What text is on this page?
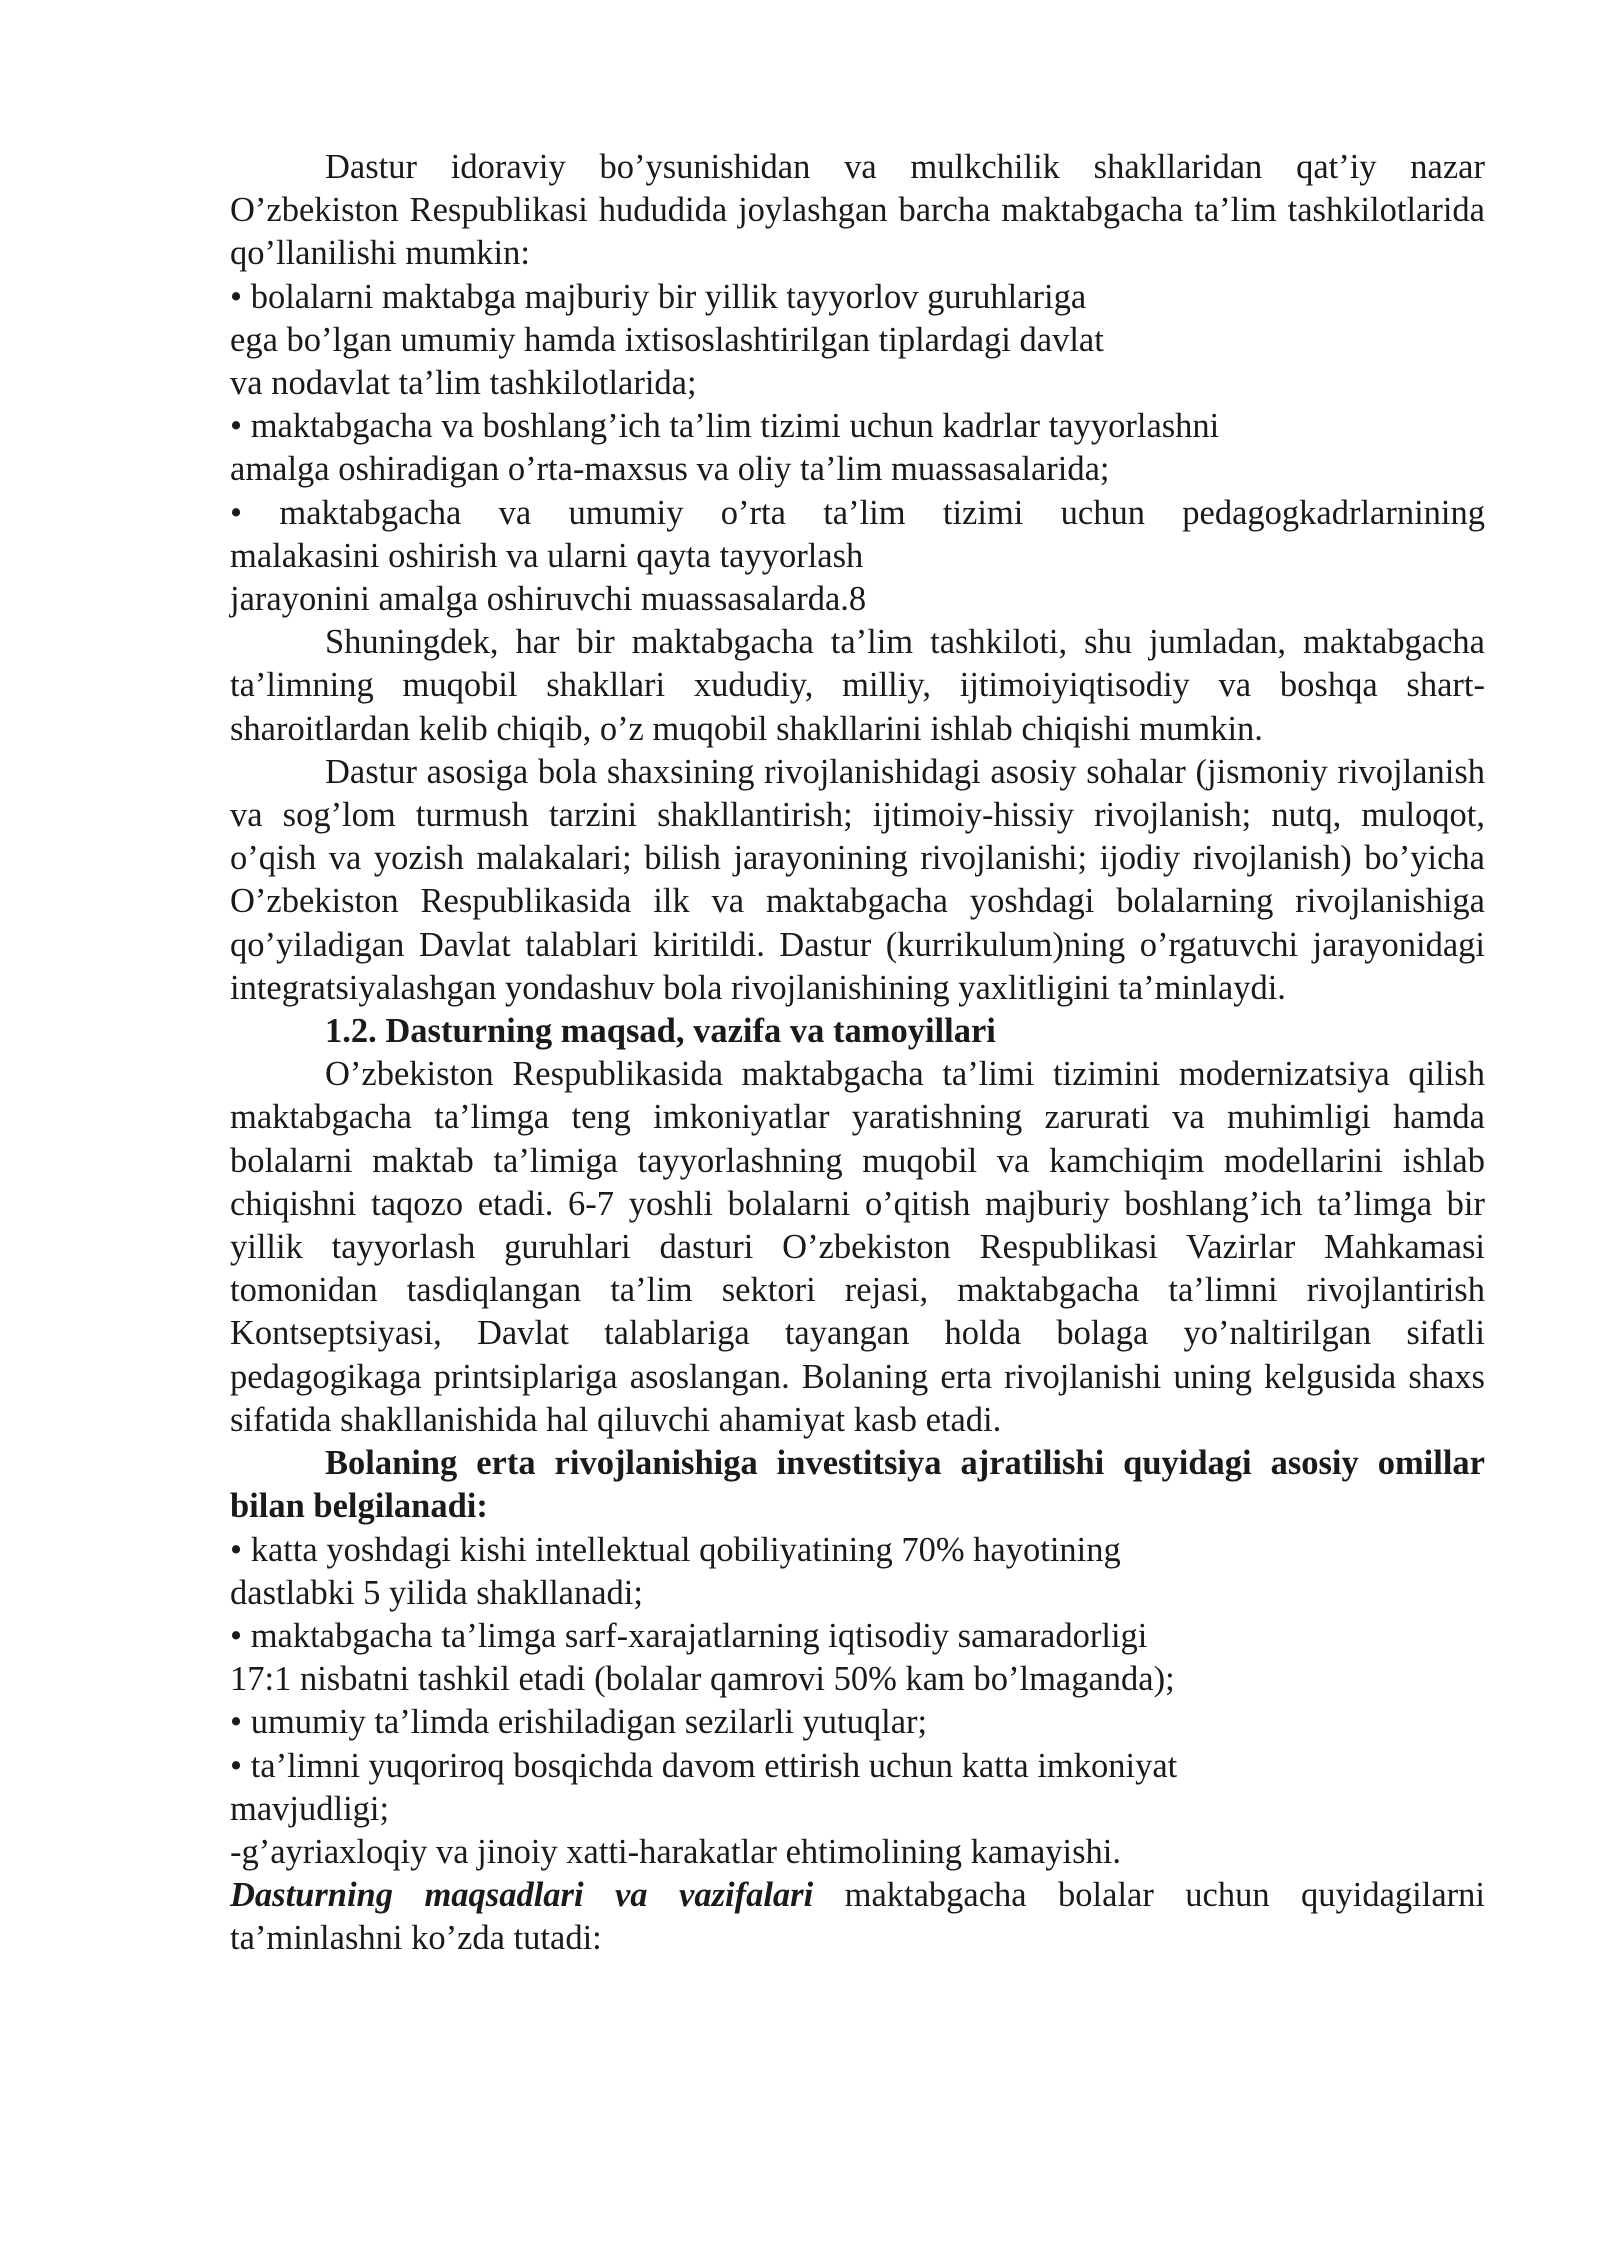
Dastur idoraviy bo’ysunishidan va mulkchilik shakllaridan qat’iy nazar O’zbekiston Respublikasi hududida joylashgan barcha maktabgacha ta’lim tashkilotlarida qo’llanilishi mumkin:

• bolalarni maktabga majburiy bir yillik tayyorlov guruhlariga
ega bo’lgan umumiy hamda ixtisoslashtirilgan tiplardagi davlat
va nodavlat ta’lim tashkilotlarida;
• maktabgacha va boshlang’ich ta’lim tizimi uchun kadrlar tayyorlashni
amalga oshiradigan o’rta-maxsus va oliy ta’lim muassasalarida;
• maktabgacha va umumiy o’rta ta’lim tizimi uchun pedagogkadrlarnining
malakasini oshirish va ularni qayta tayyorlash
jarayonini amalga oshiruvchi muassasalarda.8

Shuningdek, har bir maktabgacha ta’lim tashkiloti, shu jumladan, maktabgacha ta’limning muqobil shakllari xududiy, milliy, ijtimoiyiqtisodiy va boshqa shart-sharoitlardan kelib chiqib, o’z muqobil shakllarini ishlab chiqishi mumkin.

Dastur asosiga bola shaxsining rivojlanishidagi asosiy sohalar (jismoniy rivojlanish va sog’lom turmush tarzini shakllantirish; ijtimoiy-hissiy rivojlanish; nutq, muloqot, o’qish va yozish malakalari; bilish jarayonining rivojlanishi; ijodiy rivojlanish) bo’yicha O’zbekiston Respublikasida ilk va maktabgacha yoshdagi bolalarning rivojlanishiga qo’yiladigan Davlat talablari kiritildi. Dastur (kurrikulum)ning o’rgatuvchi jarayonidagi integratsiyalashgan yondashuv bola rivojlanishining yaxlitligini ta’minlaydi.

1.2. Dasturning maqsad, vazifa va tamoyillari

O’zbekiston Respublikasida maktabgacha ta’limi tizimini modernizatsiya qilish maktabgacha ta’limga teng imkoniyatlar yaratishning zarurati va muhimligi hamda bolalarni maktab ta’limiga tayyorlashning muqobil va kamchiqim modellarini ishlab chiqishni taqozo etadi. 6-7 yoshli bolalarni o’qitish majburiy boshlang’ich ta’limga bir yillik tayyorlash guruhlari dasturi O’zbekiston Respublikasi Vazirlar Mahkamasi tomonidan tasdiqlangan ta’lim sektori rejasi, maktabgacha ta’limni rivojlantirish Kontseptsiyasi, Davlat talablariga tayangan holda bolaga yo’naltirilgan sifatli pedagogikaga printsiplariga asoslangan. Bolaning erta rivojlanishi uning kelgusida shaxs sifatida shakllanishida hal qiluvchi ahamiyat kasb etadi.

Bolaning erta rivojlanishiga investitsiya ajratilishi quyidagi asosiy omillar bilan belgilanadi:

• katta yoshdagi kishi intellektual qobiliyatining 70% hayotining
dastlabki 5 yilida shakllanadi;
• maktabgacha ta’limga sarf-xarajatlarning iqtisodiy samaradorligi
17:1 nisbatni tashkil etadi (bolalar qamrovi 50% kam bo’lmaganda);
• umumiy ta’limda erishiladigan sezilarli yutuqlar;
• ta’limni yuqoriroq bosqichda davom ettirish uchun katta imkoniyat
mavjudligi;
-g’ayriaxloqiy va jinoiy xatti-harakatlar ehtimolining kamayishi.

Dasturning maqsadlari va vazifalari maktabgacha bolalar uchun quyidagilarni ta’minlashni ko’zda tutadi:
